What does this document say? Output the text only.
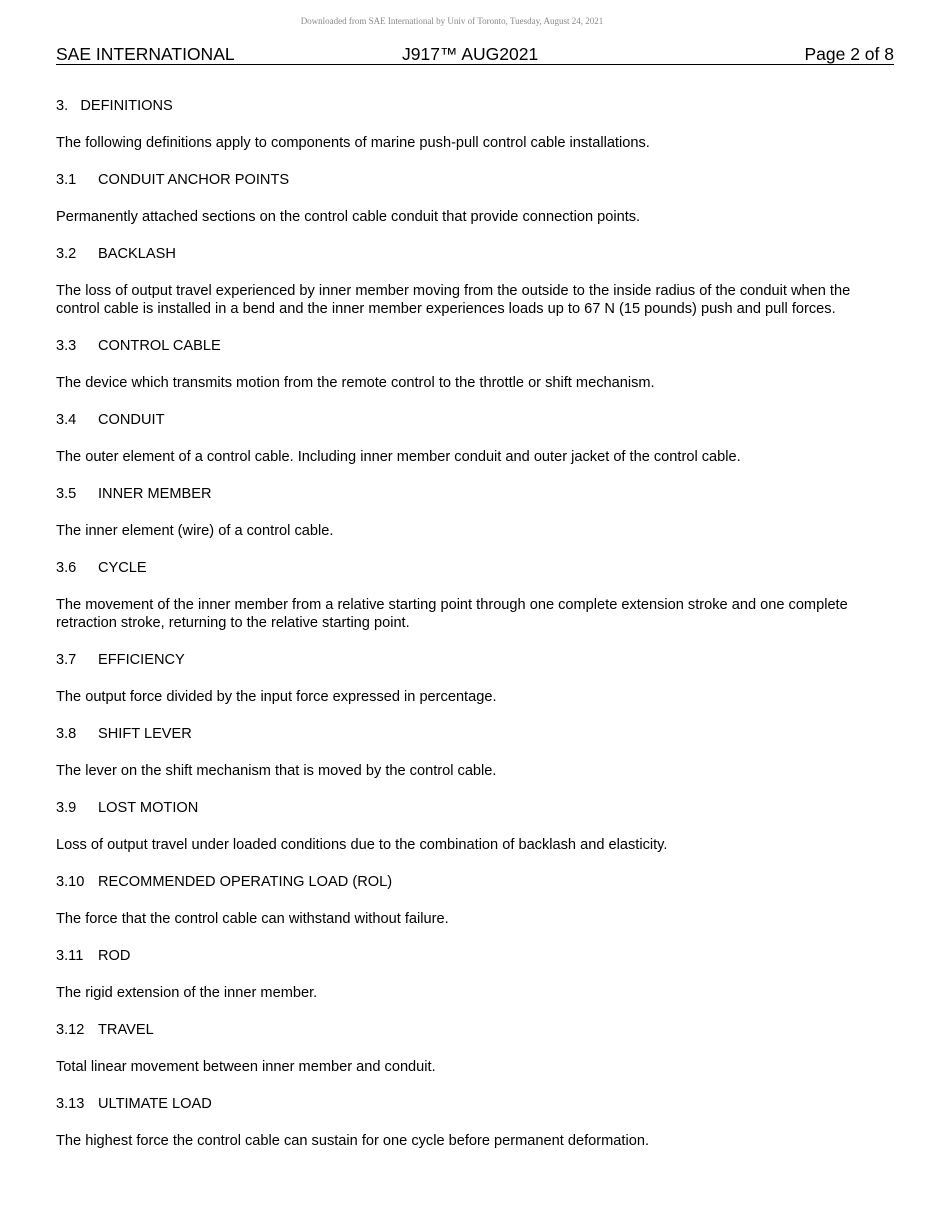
Downloaded from SAE International by Univ of Toronto, Tuesday, August 24, 2021
SAE INTERNATIONAL	J917™ AUG2021	Page 2 of 8
3.   DEFINITIONS
The following definitions apply to components of marine push-pull control cable installations.
3.1	CONDUIT ANCHOR POINTS
Permanently attached sections on the control cable conduit that provide connection points.
3.2	BACKLASH
The loss of output travel experienced by inner member moving from the outside to the inside radius of the conduit when the control cable is installed in a bend and the inner member experiences loads up to 67 N (15 pounds) push and pull forces.
3.3	CONTROL CABLE
The device which transmits motion from the remote control to the throttle or shift mechanism.
3.4	CONDUIT
The outer element of a control cable. Including inner member conduit and outer jacket of the control cable.
3.5	INNER MEMBER
The inner element (wire) of a control cable.
3.6	CYCLE
The movement of the inner member from a relative starting point through one complete extension stroke and one complete retraction stroke, returning to the relative starting point.
3.7	EFFICIENCY
The output force divided by the input force expressed in percentage.
3.8	SHIFT LEVER
The lever on the shift mechanism that is moved by the control cable.
3.9	LOST MOTION
Loss of output travel under loaded conditions due to the combination of backlash and elasticity.
3.10 RECOMMENDED OPERATING LOAD (ROL)
The force that the control cable can withstand without failure.
3.11	ROD
The rigid extension of the inner member.
3.12 TRAVEL
Total linear movement between inner member and conduit.
3.13 ULTIMATE LOAD
The highest force the control cable can sustain for one cycle before permanent deformation.
